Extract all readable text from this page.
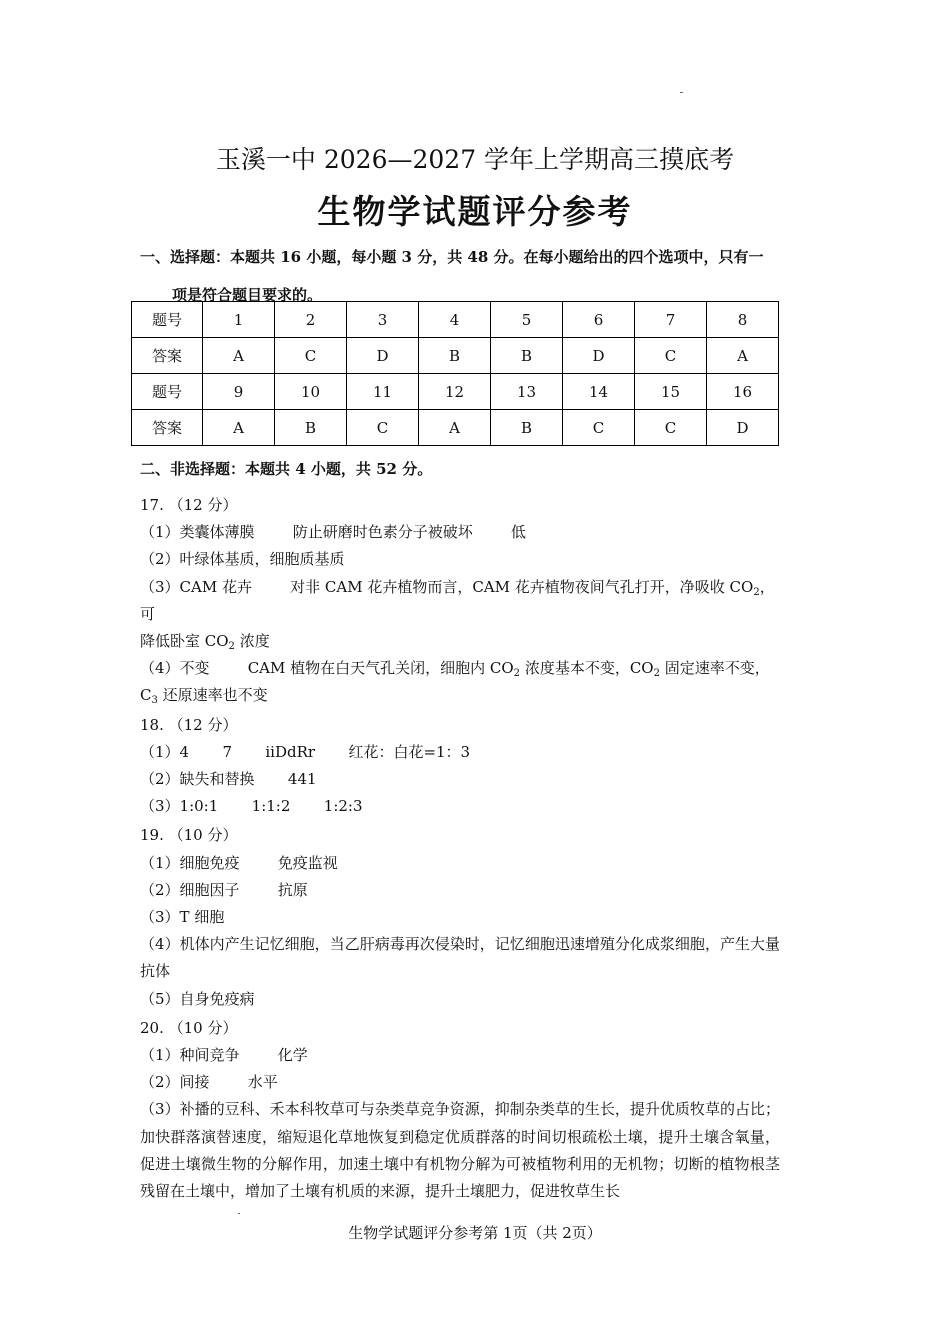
玉溪一中 2026—2027 学年上学期高三摸底考
生物学试题评分参考
一、选择题：本题共 16 小题，每小题 3 分，共 48 分。在每小题给出的四个选项中，只有一
项是符合题目要求的。
题号	1	2	3	4	5	6	7	8
答案	A	C	D	B	B	D	C	A
题号	9	10	11	12	13	14	15	16
答案	A	B	C	A	B	C	C	D
二、非选择题：本题共 4 小题，共 52 分。
17. （12 分）
（1）类囊体薄膜        防止研磨时色素分子被破坏        低
（2）叶绿体基质，细胞质基质
（3）CAM 花卉        对非 CAM 花卉植物而言，CAM 花卉植物夜间气孔打开，净吸收 $CO_2$，可
降低卧室 $CO_2$ 浓度
（4）不变        CAM 植物在白天气孔关闭，细胞内 $CO_2$ 浓度基本不变，$CO_2$ 固定速率不变，
$C_3$ 还原速率也不变
18. （12 分）
（1）4       7       iiDdRr       红花：白花=1：3
（2）缺失和替换       441
（3）1:0:1       1:1:2       1:2:3
19. （10 分）
（1）细胞免疫        免疫监视
（2）细胞因子        抗原
（3）T 细胞
（4）机体内产生记忆细胞，当乙肝病毒再次侵染时，记忆细胞迅速增殖分化成浆细胞，产生大量抗体
（5）自身免疫病
20. （10 分）
（1）种间竞争        化学
（2）间接        水平
（3）补播的豆科、禾本科牧草可与杂类草竞争资源，抑制杂类草的生长，提升优质牧草的占比；加快群落演替速度，缩短退化草地恢复到稳定优质群落的时间切根疏松土壤，提升土壤含氧量，促进土壤微生物的分解作用，加速土壤中有机物分解为可被植物利用的无机物；切断的植物根茎残留在土壤中，增加了土壤有机质的来源，提升土壤肥力，促进牧草生长
生物学试题评分参考第 1页（共 2页）
